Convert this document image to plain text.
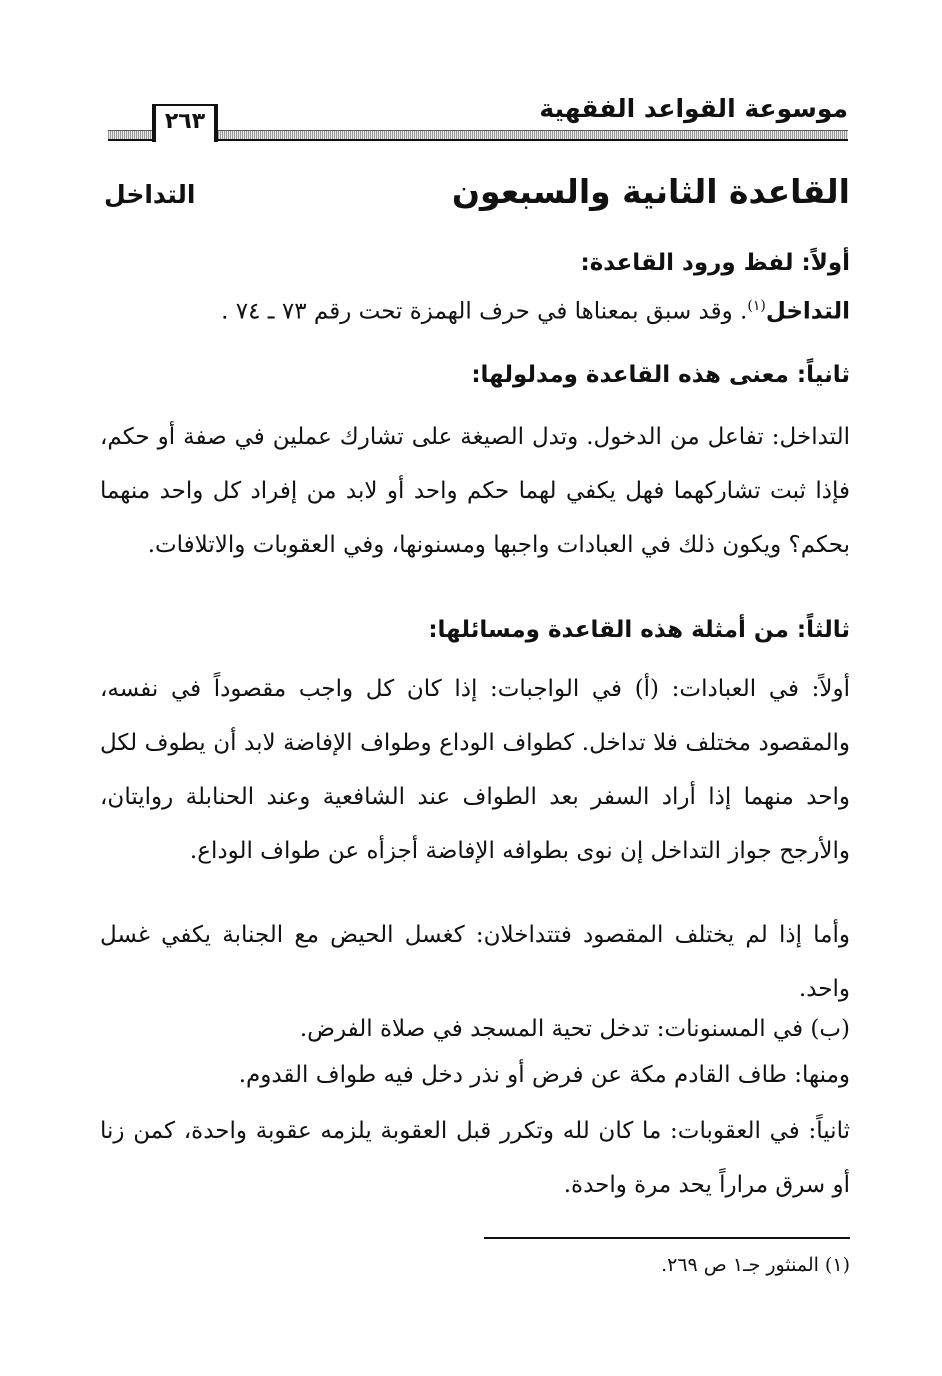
موسوعة القواعد الفقهية
٢٦٣
القاعدة الثانية والسبعون
التداخل
أولاً: لفظ ورود القاعدة:
التداخل$^{(١)}$. وقد سبق بمعناها في حرف الهمزة تحت رقم ٧٣ ـ ٧٤ .
ثانياً: معنى هذه القاعدة ومدلولها:
التداخل: تفاعل من الدخول. وتدل الصيغة على تشارك عملين في صفة أو حكم، فإذا ثبت تشاركهما فهل يكفي لهما حكم واحد أو لابد من إفراد كل واحد منهما بحكم؟ ويكون ذلك في العبادات واجبها ومسنونها، وفي العقوبات والاتلافات.
ثالثاً: من أمثلة هذه القاعدة ومسائلها:
أولاً: في العبادات: (أ) في الواجبات: إذا كان كل واجب مقصوداً في نفسه، والمقصود مختلف فلا تداخل. كطواف الوداع وطواف الإفاضة لابد أن يطوف لكل واحد منهما إذا أراد السفر بعد الطواف عند الشافعية وعند الحنابلة روايتان، والأرجح جواز التداخل إن نوى بطوافه الإفاضة أجزأه عن طواف الوداع.
وأما إذا لم يختلف المقصود فتتداخلان: كغسل الحيض مع الجنابة يكفي غسل واحد.
(ب) في المسنونات: تدخل تحية المسجد في صلاة الفرض.
ومنها: طاف القادم مكة عن فرض أو نذر دخل فيه طواف القدوم.
ثانياً: في العقوبات: ما كان لله وتكرر قبل العقوبة يلزمه عقوبة واحدة، كمن زنا أو سرق مراراً يحد مرة واحدة.
(١) المنثور جـ١ ص ٢٦٩.
